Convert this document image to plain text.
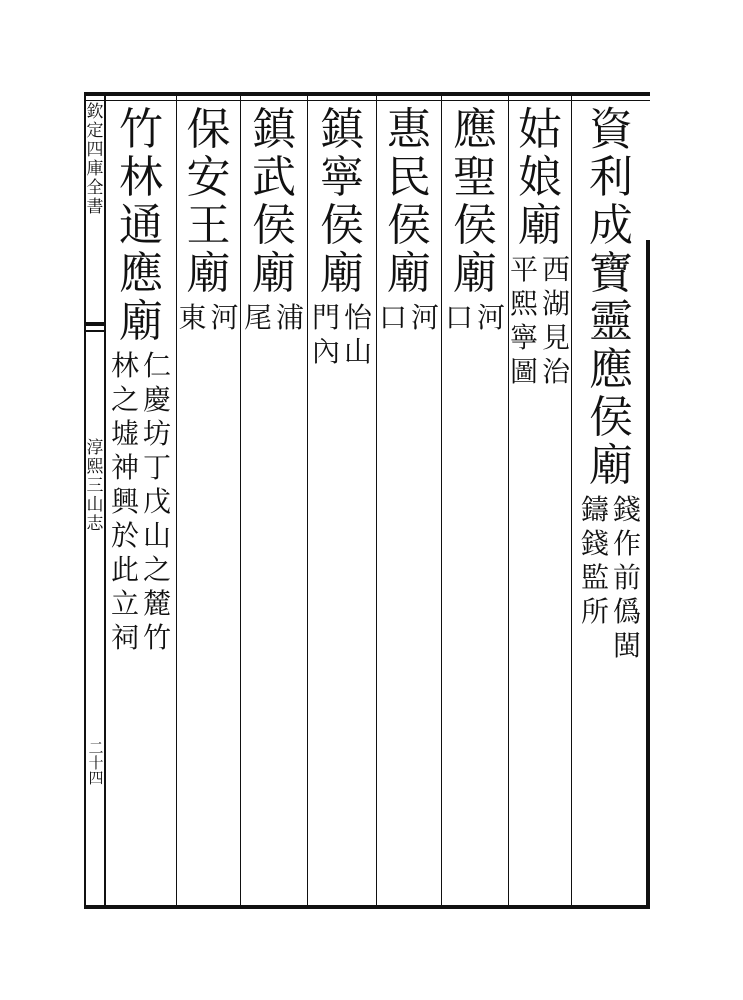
欽
定
四
庫
全
書
淳
熙
三
山
志
二十四
資
利
成
寶
靈
應
侯
廟
錢
作
前
僞
閩
鑄
錢
監
所
姑
娘
廟
西
湖
見
治
平
熙
寧
圖
應
聖
侯
廟
河
口
惠
民
侯
廟
河
口
鎮
寧
侯
廟
怡
山
門
內
鎮
武
侯
廟
浦
尾
保
安
王
廟
河
東
竹
林
通
應
廟
仁
慶
坊
丁
戊
山
之
麓
竹
林
之
墟
神
興
於
此
立
祠
